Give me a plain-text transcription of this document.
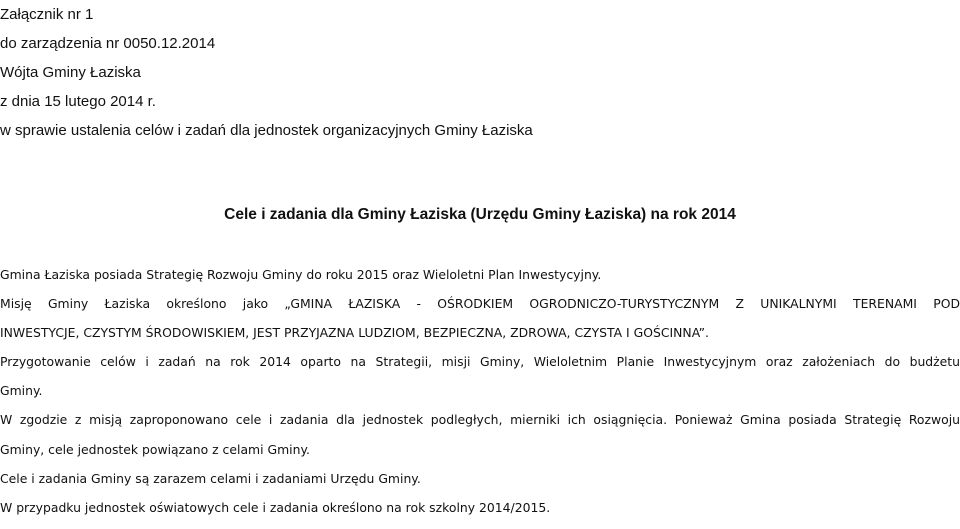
Załącznik nr 1
do zarządzenia nr 0050.12.2014
Wójta Gminy Łaziska
z dnia 15 lutego 2014 r.
w sprawie ustalenia celów i zadań dla jednostek organizacyjnych Gminy Łaziska
Cele i zadania dla Gminy Łaziska (Urzędu Gminy Łaziska) na rok 2014

Gmina Łaziska posiada Strategię Rozwoju Gminy do roku 2015 oraz Wieloletni Plan Inwestycyjny.

Misję Gminy Łaziska określono jako „GMINA ŁAZISKA - OŚRODKIEM OGRODNICZO-TURYSTYCZNYM Z UNIKALNYMI TERENAMI POD

INWESTYCJE, CZYSTYM ŚRODOWISKIEM, JEST PRZYJAZNA LUDZIOM, BEZPIECZNA, ZDROWA, CZYSTA I GOŚCINNA”.

Przygotowanie celów i zadań na rok 2014 oparto na Strategii, misji Gminy, Wieloletnim Planie Inwestycyjnym oraz założeniach do budżetu

Gminy.

W zgodzie z misją zaproponowano cele i zadania dla jednostek podległych, mierniki ich osiągnięcia. Ponieważ Gmina posiada Strategię Rozwoju

Gminy, cele jednostek powiązano z celami Gminy.

Cele i zadania Gminy są zarazem celami i zadaniami Urzędu Gminy.

W przypadku jednostek oświatowych cele i zadania określono na rok szkolny 2014/2015.
